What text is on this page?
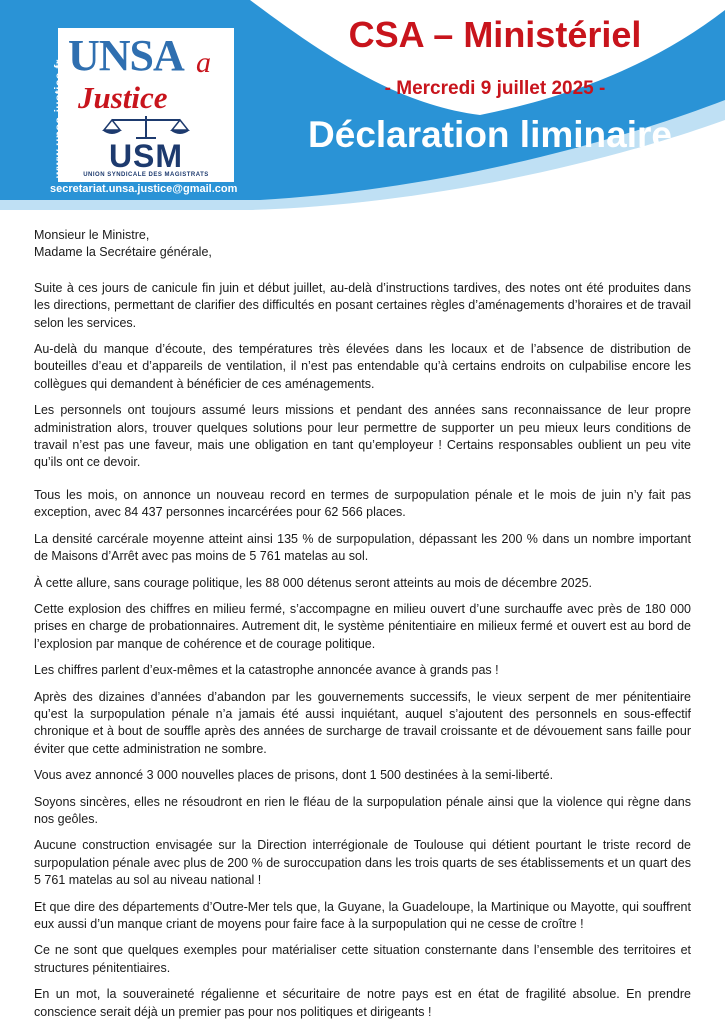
UNSA a
Justice
USM
UNION SYNDICALE DES MAGISTRATS
www.unsa-justice.fr
secretariat.unsa.justice@gmail.com
CSA – Ministériel
- Mercredi 9 juillet 2025 -
Déclaration liminaire

Monsieur le Ministre,

Madame la Secrétaire générale,

Suite à ces jours de canicule fin juin et début juillet, au-delà d’instructions tardives, des notes ont été produites dans les directions, permettant de clarifier des difficultés en posant certaines règles d’aménagements d’horaires et de travail selon les services.

Au-delà du manque d’écoute, des températures très élevées dans les locaux et de l’absence de distribution de bouteilles d’eau et d’appareils de ventilation, il n’est pas entendable qu’à certains endroits on culpabilise encore les collègues qui demandent à bénéficier de ces aménagements.

Les personnels ont toujours assumé leurs missions et pendant des années sans reconnaissance de leur propre administration alors, trouver quelques solutions pour leur permettre de supporter un peu mieux leurs conditions de travail n’est pas une faveur, mais une obligation en tant qu’employeur ! Certains responsables oublient un peu vite qu’ils ont ce devoir.

Tous les mois, on annonce un nouveau record en termes de surpopulation pénale et le mois de juin n’y fait pas exception, avec 84 437 personnes incarcérées pour 62 566 places.

La densité carcérale moyenne atteint ainsi 135 % de surpopulation, dépassant les 200 % dans un nombre important de Maisons d’Arrêt avec pas moins de 5 761 matelas au sol.

À cette allure, sans courage politique, les 88 000 détenus seront atteints au mois de décembre 2025.

Cette explosion des chiffres en milieu fermé, s’accompagne en milieu ouvert d’une surchauffe avec près de 180 000 prises en charge de probationnaires. Autrement dit, le système pénitentiaire en milieux fermé et ouvert est au bord de l’explosion par manque de cohérence et de courage politique.

Les chiffres parlent d’eux-mêmes et la catastrophe annoncée avance à grands pas !

Après des dizaines d’années d’abandon par les gouvernements successifs, le vieux serpent de mer pénitentiaire qu’est la surpopulation pénale n’a jamais été aussi inquiétant, auquel s’ajoutent des personnels en sous-effectif chronique et à bout de souffle après des années de surcharge de travail croissante et de dévouement sans faille pour éviter que cette administration ne sombre.

Vous avez annoncé 3 000 nouvelles places de prisons, dont 1 500 destinées à la semi-liberté.

Soyons sincères, elles ne résoudront en rien le fléau de la surpopulation pénale ainsi que la violence qui règne dans nos geôles.

Aucune construction envisagée sur la Direction interrégionale de Toulouse qui détient pourtant le triste record de surpopulation pénale avec plus de 200 % de suroccupation dans les trois quarts de ses établissements et un quart des 5 761 matelas au sol au niveau national !

Et que dire des départements d’Outre-Mer tels que, la Guyane, la Guadeloupe, la Martinique ou Mayotte, qui souffrent eux aussi d’un manque criant de moyens pour faire face à la surpopulation qui ne cesse de croître !

Ce ne sont que quelques exemples pour matérialiser cette situation consternante dans l’ensemble des territoires et structures pénitentiaires.

En un mot, la souveraineté régalienne et sécuritaire de notre pays est en état de fragilité absolue. En prendre conscience serait déjà un premier pas pour nos politiques et dirigeants !
